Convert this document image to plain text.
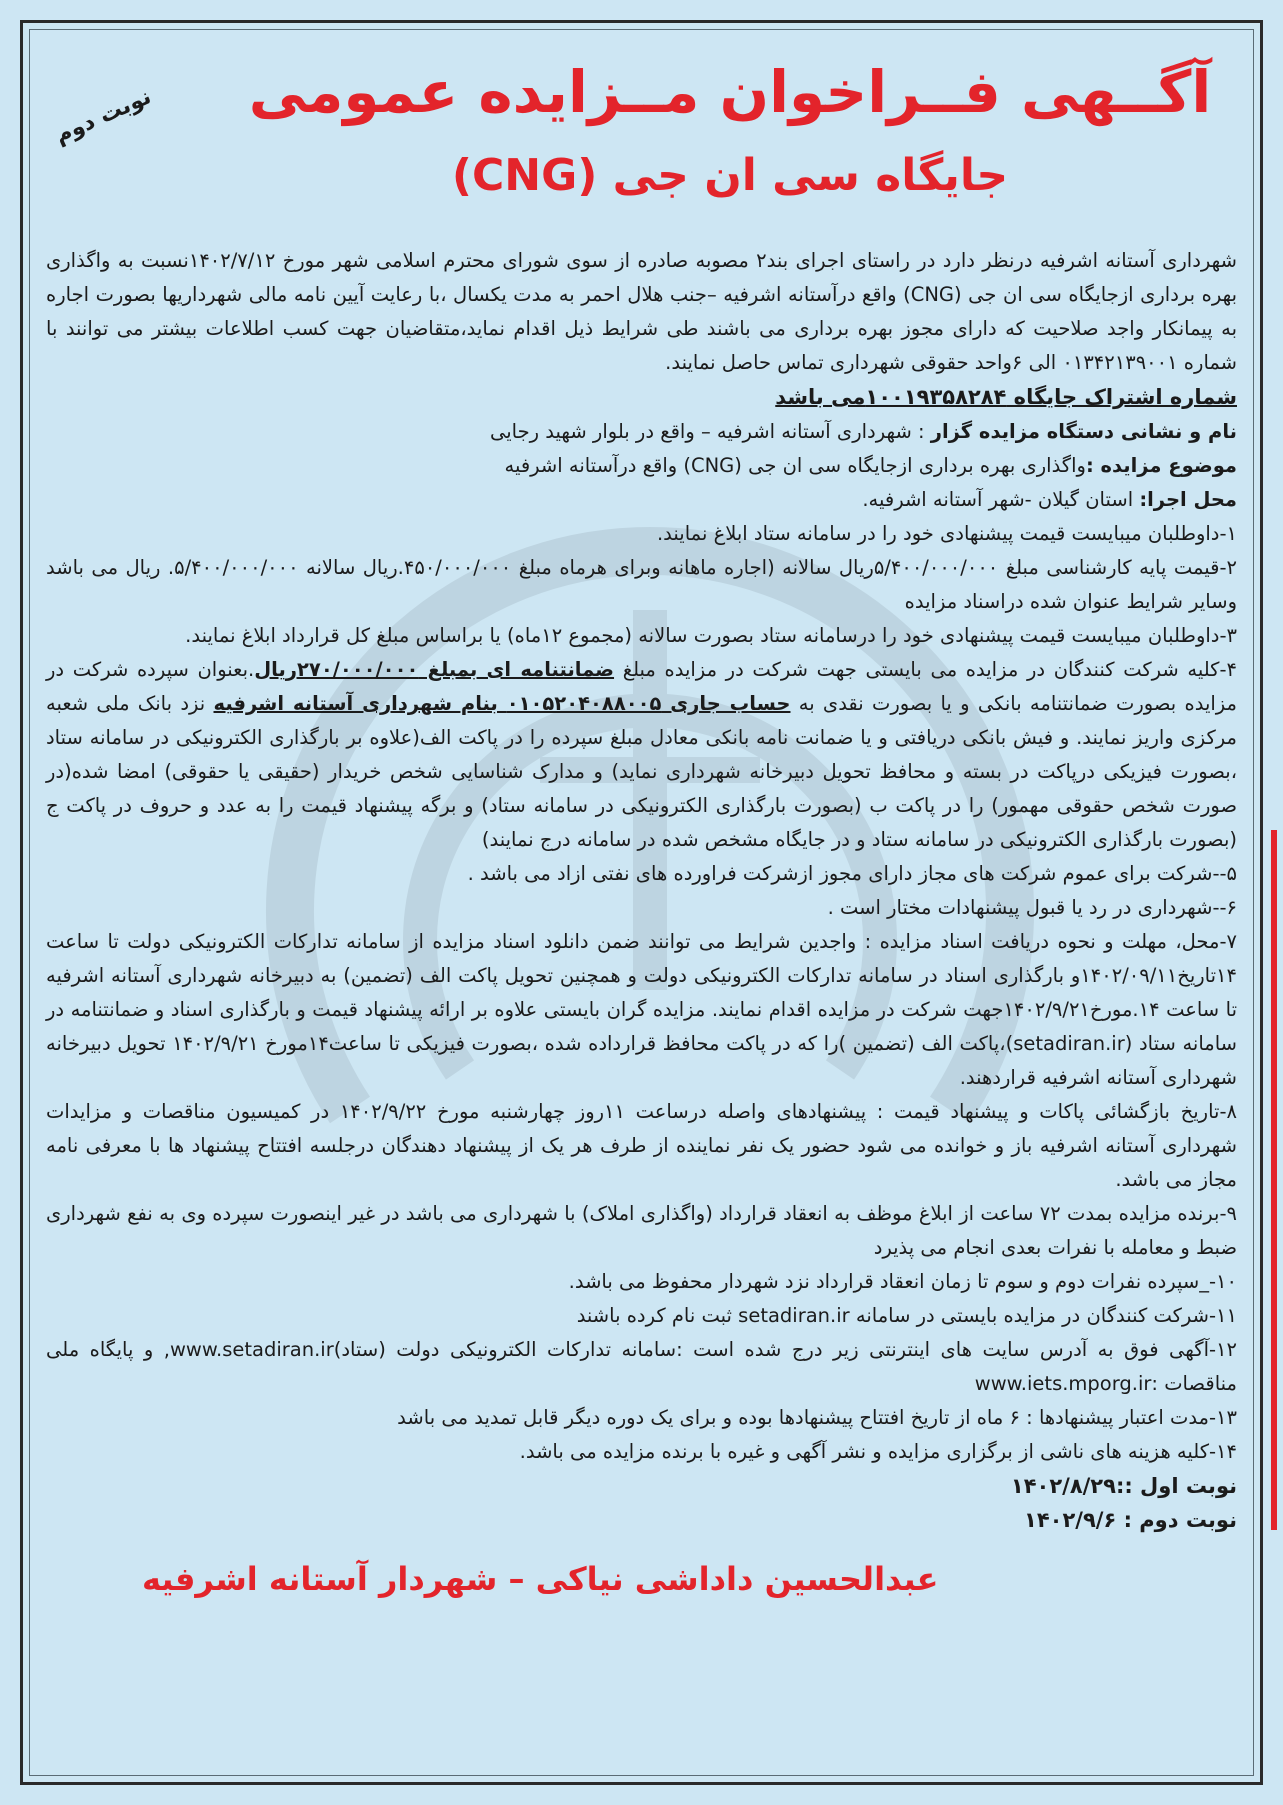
نوبت دوم	آگــهی فــراخوان مــزایده عمومی
جایگاه سی ان جی (CNG)

شهرداری آستانه اشرفیه درنظر دارد در راستای اجرای بند۲ مصوبه صادره از سوی شورای محترم اسلامی شهر مورخ ۱۴۰۲/۷/۱۲نسبت به واگذاری بهره برداری ازجایگاه سی ان جی (CNG) واقع درآستانه اشرفیه –جنب هلال احمر به مدت یکسال ،با رعایت آیین نامه مالی شهرداریها بصورت اجاره به پیمانکار واجد صلاحیت که دارای مجوز بهره برداری می باشند طی شرایط ذیل اقدام نماید،متقاضیان جهت کسب اطلاعات بیشتر می توانند با شماره ۰۱۳۴۲۱۳۹۰۰۱ الی ۶واحد حقوقی شهرداری تماس حاصل نمایند.

شماره اشتراک جایگاه ۱۰۰۱۹۳۵۸۲۸۴می باشد

نام و نشانی دستگاه مزایده گزار : شهرداری آستانه اشرفیه – واقع در بلوار شهید رجایی

موضوع مزایده :واگذاری بهره برداری ازجایگاه سی ان جی (CNG) واقع درآستانه اشرفیه

محل اجرا: استان گیلان -شهر آستانه اشرفیه.

۱-داوطلبان میبایست قیمت پیشنهادی خود را در سامانه ستاد ابلاغ نمایند.

۲-قیمت پایه کارشناسی مبلغ ۵/۴۰۰/۰۰۰/۰۰۰ریال سالانه (اجاره ماهانه وبرای هرماه مبلغ ۴۵۰/۰۰۰/۰۰۰.ریال سالانه ۵/۴۰۰/۰۰۰/۰۰۰. ریال می باشد وسایر شرایط عنوان شده دراسناد مزایده

۳-داوطلبان میبایست قیمت پیشنهادی خود را درسامانه ستاد بصورت سالانه (مجموع ۱۲ماه) یا براساس مبلغ کل قرارداد ابلاغ نمایند.

۴-کلیه شرکت کنندگان در مزایده می بایستی جهت شرکت در مزایده مبلغ ضمانتنامه ای بمبلغ ۲۷۰/۰۰۰/۰۰۰ریال.بعنوان سپرده شرکت در مزایده بصورت ضمانتنامه بانکی و یا بصورت نقدی به حساب جاری ۰۱۰۵۲۰۴۰۸۸۰۰۵ بنام شهرداری آستانه اشرفیه نزد بانک ملی شعبه مرکزی واریز نمایند. و فیش بانکی دریافتی و یا ضمانت نامه بانکی معادل مبلغ سپرده را در پاکت الف(علاوه بر بارگذاری الکترونیکی در سامانه ستاد ،بصورت فیزیکی درپاکت در بسته و محافظ تحویل دبیرخانه شهرداری نماید) و مدارک شناسایی شخص خریدار (حقیقی یا حقوقی) امضا شده(در صورت شخص حقوقی مهمور) را در پاکت ب (بصورت بارگذاری الکترونیکی در سامانه ستاد) و برگه پیشنهاد قیمت را به عدد و حروف در پاکت ج (بصورت بارگذاری الکترونیکی در سامانه ستاد و در جایگاه مشخص شده در سامانه درج نمایند)

۵--شرکت برای عموم شرکت های مجاز دارای مجوز ازشرکت فراورده های نفتی ازاد می باشد .

۶--شهرداری در رد یا قبول پیشنهادات مختار است .

۷-محل، مهلت و نحوه دریافت اسناد مزایده : واجدین شرایط می توانند ضمن دانلود اسناد مزایده از سامانه تدارکات الکترونیکی دولت تا ساعت ۱۴تاریخ۱۴۰۲/۰۹/۱۱و بارگذاری اسناد در سامانه تدارکات الکترونیکی دولت و همچنین تحویل پاکت الف (تضمین) به دبیرخانه شهرداری آستانه اشرفیه تا ساعت ۱۴.مورخ۱۴۰۲/۹/۲۱جهت شرکت در مزایده اقدام نمایند. مزایده گران بایستی علاوه بر ارائه پیشنهاد قیمت و بارگذاری اسناد و ضمانتنامه در سامانه ستاد (setadiran.ir)،پاکت الف (تضمین )را که در پاکت محافظ قرارداده شده ،بصورت فیزیکی تا ساعت۱۴مورخ ۱۴۰۲/۹/۲۱ تحویل دبیرخانه شهرداری آستانه اشرفیه قراردهند.

۸-تاریخ بازگشائی پاکات و پیشنهاد قیمت : پیشنهادهای واصله درساعت ۱۱روز چهارشنبه مورخ ۱۴۰۲/۹/۲۲ در کمیسیون مناقصات و مزایدات شهرداری آستانه اشرفیه باز و خوانده می شود حضور یک نفر نماینده از طرف هر یک از پیشنهاد دهندگان درجلسه افتتاح پیشنهاد ها با معرفی نامه مجاز می باشد.

۹-برنده مزایده بمدت ۷۲ ساعت از ابلاغ موظف به انعقاد قرارداد (واگذاری املاک) با شهرداری می باشد در غیر اینصورت سپرده وی به نفع شهرداری ضبط و معامله با نفرات بعدی انجام می پذیرد

۱۰-_سپرده نفرات دوم و سوم تا زمان انعقاد قرارداد نزد شهردار محفوظ می باشد.

۱۱-شرکت کنندگان در مزایده بایستی در سامانه setadiran.ir ثبت نام کرده باشند

۱۲-آگهی فوق به آدرس سایت های اینترنتی زیر درج شده است :سامانه تدارکات الکترونیکی دولت (ستاد)www.setadiran.ir, و پایگاه ملی مناقصات :www.iets.mporg.ir

۱۳-مدت اعتبار پیشنهادها : ۶ ماه از تاریخ افتتاح پیشنهادها بوده و برای یک دوره دیگر قابل تمدید می باشد

۱۴-کلیه هزینه های ناشی از برگزاری مزایده و نشر آگهی و غیره با برنده مزایده می باشد.

نوبت اول ::۱۴۰۲/۸/۲۹

نوبت دوم : ۱۴۰۲/۹/۶

عبدالحسین داداشی نیاکی – شهردار آستانه اشرفیه
